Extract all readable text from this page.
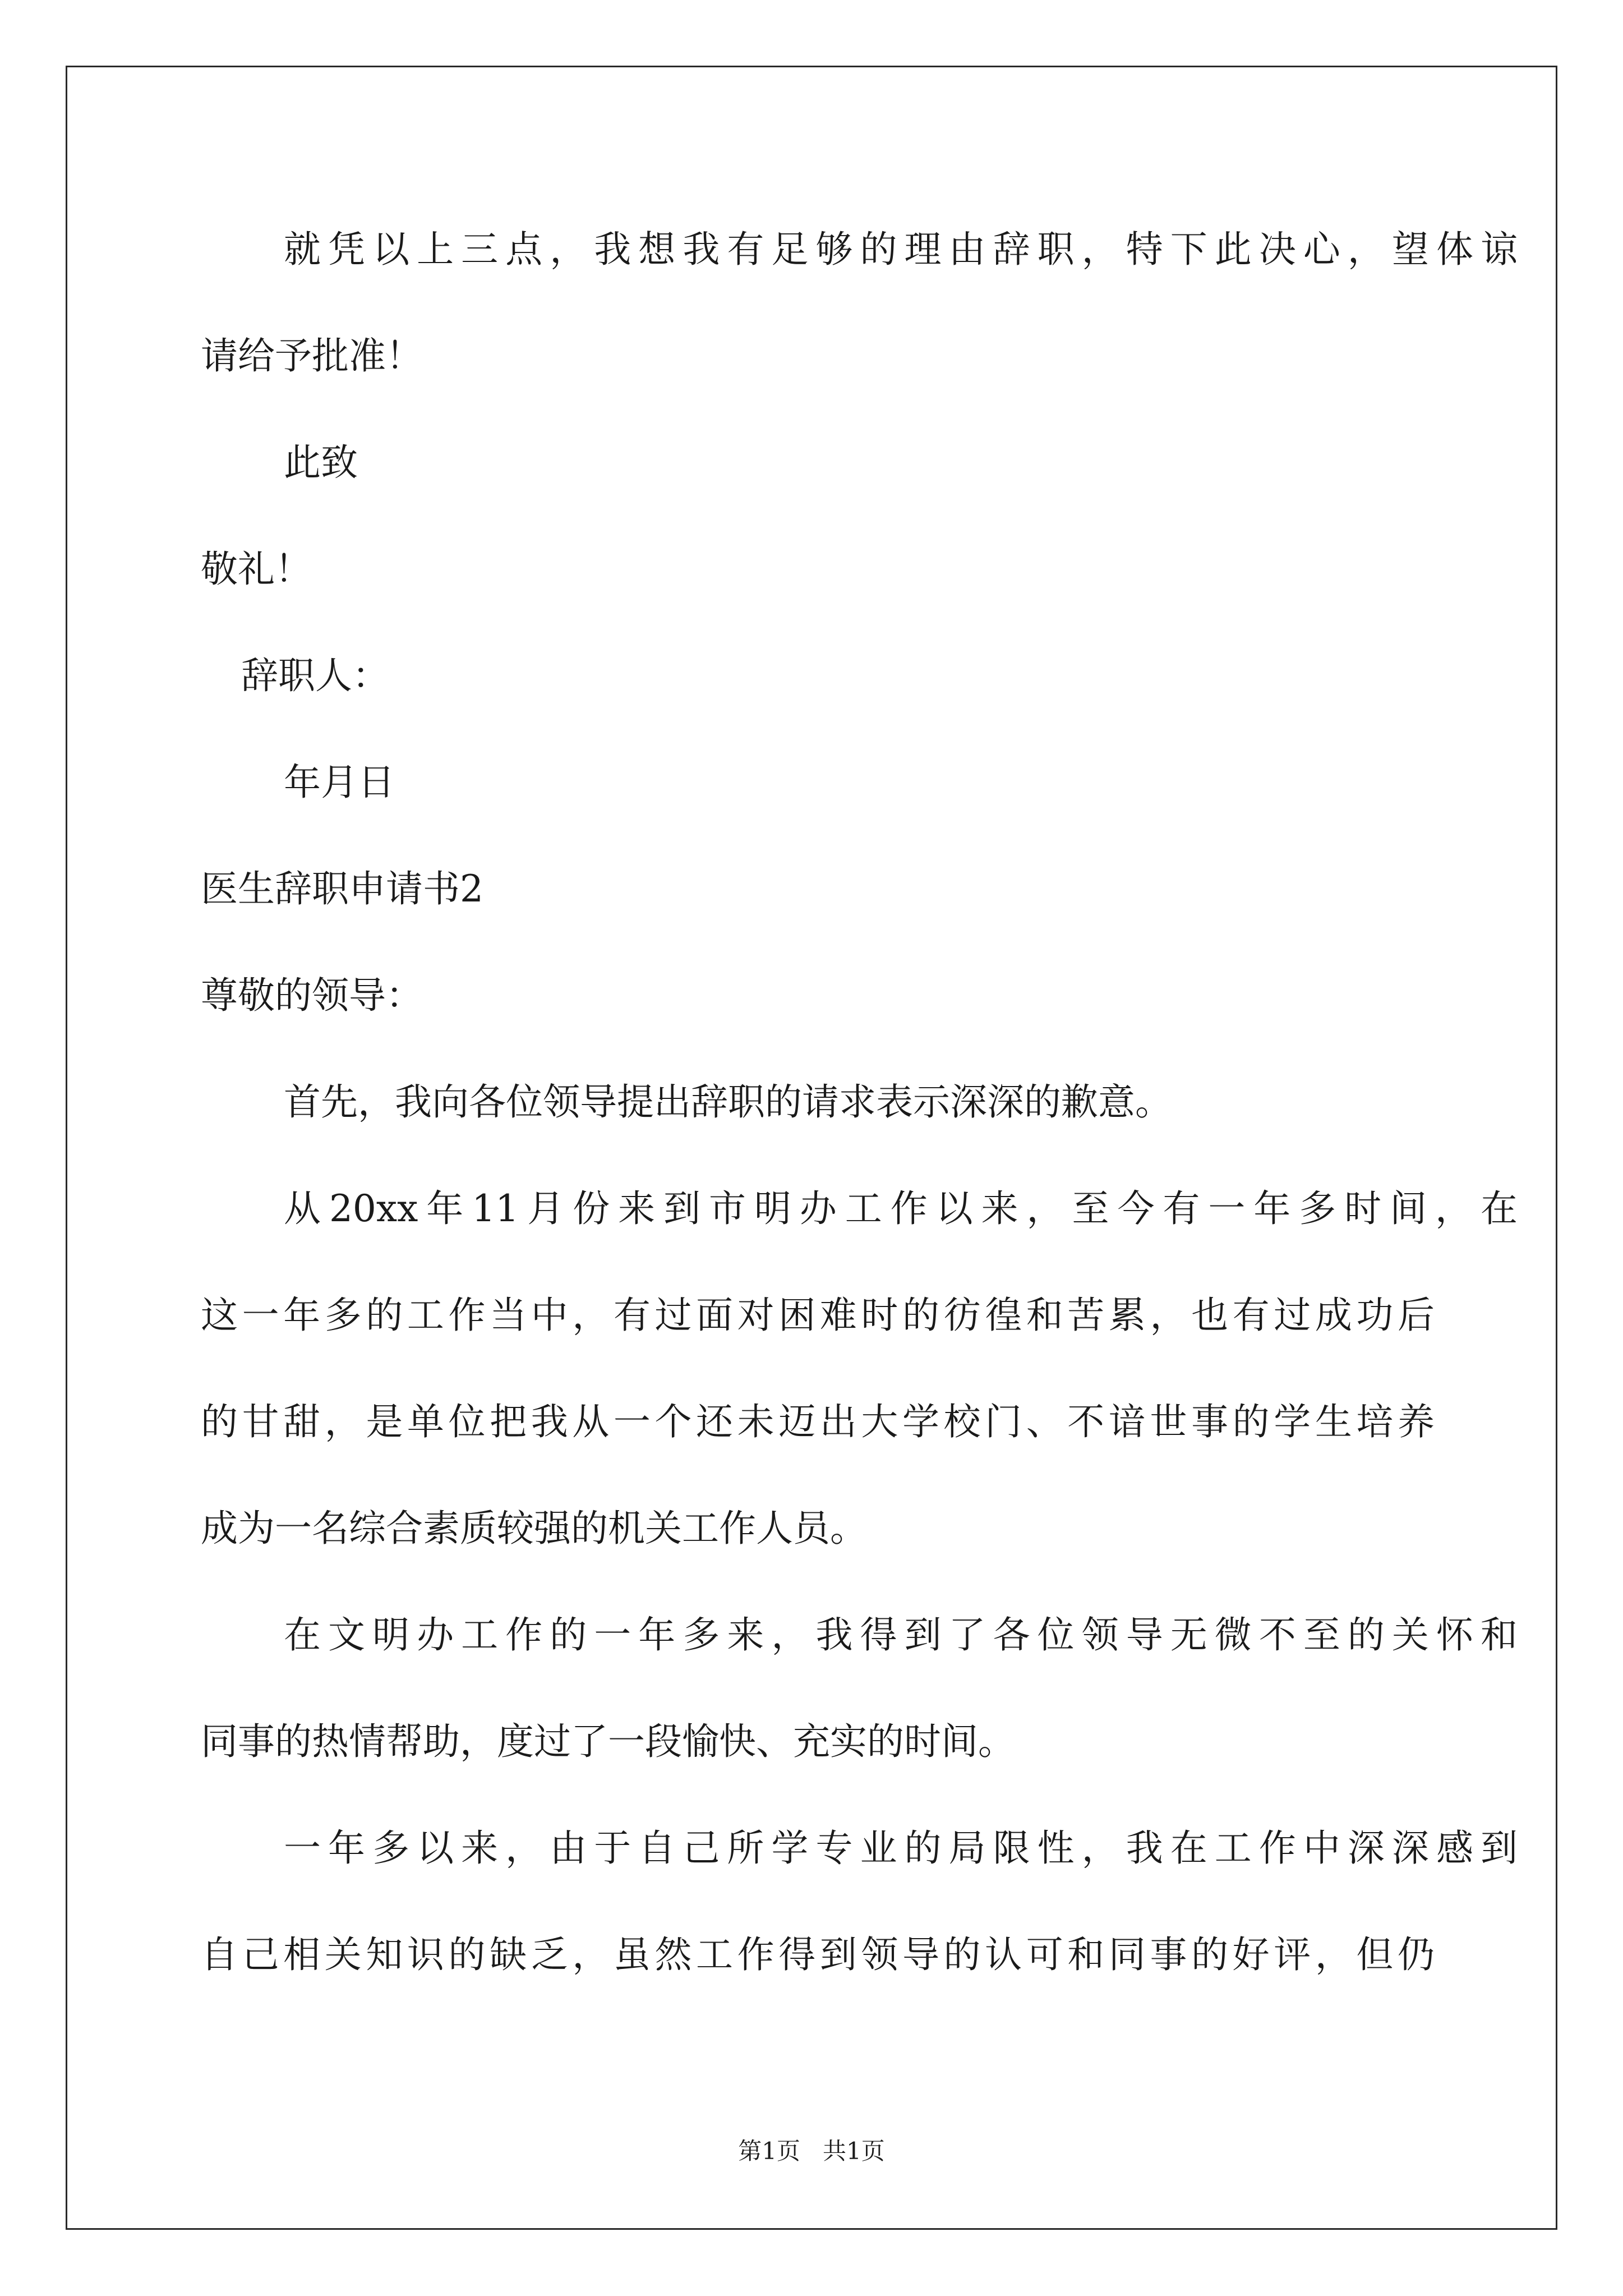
就凭以上三点，我想我有足够的理由辞职，特下此决心，望体谅
请给予批准！
此致
敬礼！
辞职人：
年月日
医生辞职申请书2
尊敬的领导：
首先，我向各位领导提出辞职的请求表示深深的歉意。
从20xx年11月份来到市明办工作以来，至今有一年多时间，在
这一年多的工作当中，有过面对困难时的彷徨和苦累，也有过成功后
的甘甜，是单位把我从一个还未迈出大学校门、不谙世事的学生培养
成为一名综合素质较强的机关工作人员。
在文明办工作的一年多来，我得到了各位领导无微不至的关怀和
同事的热情帮助，度过了一段愉快、充实的时间。
一年多以来，由于自己所学专业的局限性，我在工作中深深感到
自己相关知识的缺乏，虽然工作得到领导的认可和同事的好评，但仍
第1页   共1页
